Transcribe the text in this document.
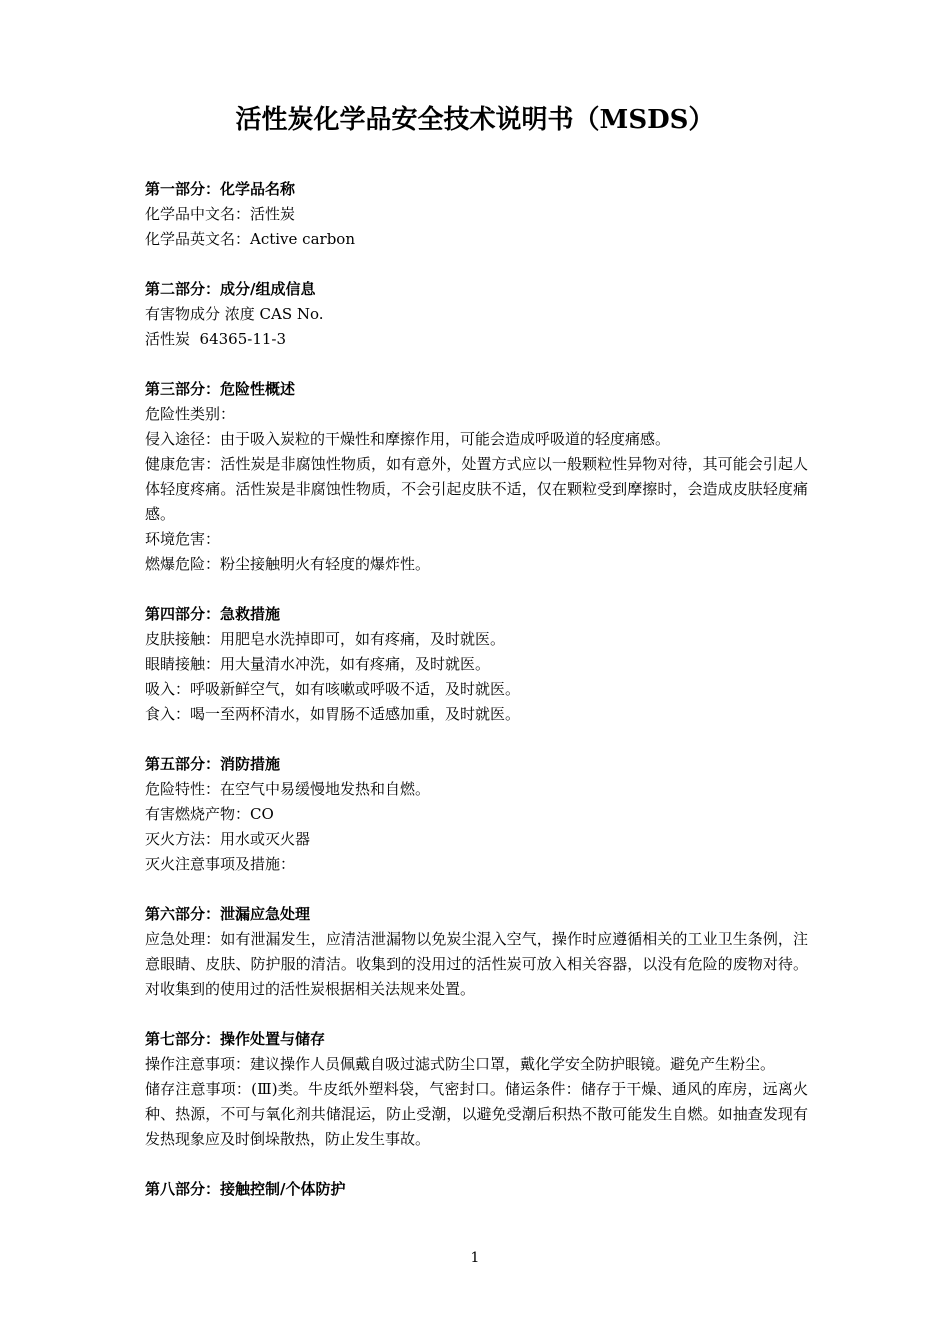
活性炭化学品安全技术说明书（MSDS）

第一部分：化学品名称

化学品中文名：活性炭

化学品英文名：Active carbon

第二部分：成分/组成信息

有害物成分 浓度 CAS No.

活性炭  64365-11-3

第三部分：危险性概述

危险性类别：

侵入途径：由于吸入炭粒的干燥性和摩擦作用，可能会造成呼吸道的轻度痛感。

健康危害：活性炭是非腐蚀性物质，如有意外，处置方式应以一般颗粒性异物对待，其可能会引起人体轻度疼痛。活性炭是非腐蚀性物质，不会引起皮肤不适，仅在颗粒受到摩擦时，会造成皮肤轻度痛感。

环境危害：

燃爆危险：粉尘接触明火有轻度的爆炸性。

第四部分：急救措施

皮肤接触：用肥皂水洗掉即可，如有疼痛，及时就医。

眼睛接触：用大量清水冲洗，如有疼痛，及时就医。

吸入：呼吸新鲜空气，如有咳嗽或呼吸不适，及时就医。

食入：喝一至两杯清水，如胃肠不适感加重，及时就医。

第五部分：消防措施

危险特性：在空气中易缓慢地发热和自燃。

有害燃烧产物：CO

灭火方法：用水或灭火器

灭火注意事项及措施：

第六部分：泄漏应急处理

应急处理：如有泄漏发生，应清洁泄漏物以免炭尘混入空气，操作时应遵循相关的工业卫生条例，注意眼睛、皮肤、防护服的清洁。收集到的没用过的活性炭可放入相关容器，以没有危险的废物对待。对收集到的使用过的活性炭根据相关法规来处置。

第七部分：操作处置与储存

操作注意事项：建议操作人员佩戴自吸过滤式防尘口罩，戴化学安全防护眼镜。避免产生粉尘。

储存注意事项：(Ⅲ)类。牛皮纸外塑料袋，气密封口。储运条件：储存于干燥、通风的库房，远离火种、热源，不可与氧化剂共储混运，防止受潮，以避免受潮后积热不散可能发生自燃。如抽查发现有发热现象应及时倒垛散热，防止发生事故。

第八部分：接触控制/个体防护

1
